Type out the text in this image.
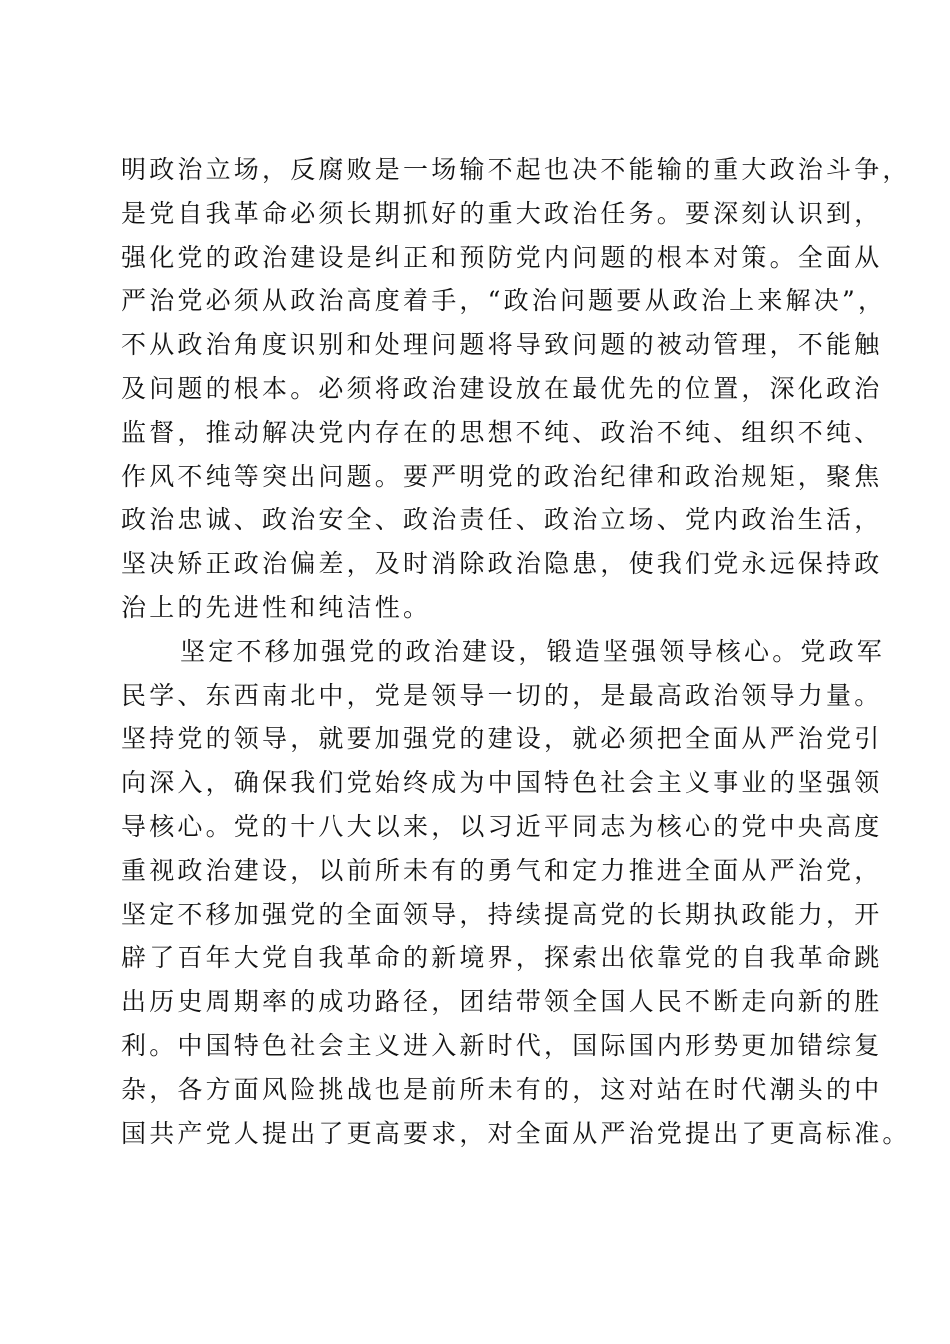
明政治立场，反腐败是一场输不起也决不能输的重大政治斗争，
是党自我革命必须长期抓好的重大政治任务。要深刻认识到，
强化党的政治建设是纠正和预防党内问题的根本对策。全面从
严治党必须从政治高度着手，“政治问题要从政治上来解决”，
不从政治角度识别和处理问题将导致问题的被动管理，不能触
及问题的根本。必须将政治建设放在最优先的位置，深化政治
监督，推动解决党内存在的思想不纯、政治不纯、组织不纯、
作风不纯等突出问题。要严明党的政治纪律和政治规矩，聚焦
政治忠诚、政治安全、政治责任、政治立场、党内政治生活，
坚决矫正政治偏差，及时消除政治隐患，使我们党永远保持政
治上的先进性和纯洁性。
坚定不移加强党的政治建设，锻造坚强领导核心。党政军
民学、东西南北中，党是领导一切的，是最高政治领导力量。
坚持党的领导，就要加强党的建设，就必须把全面从严治党引
向深入，确保我们党始终成为中国特色社会主义事业的坚强领
导核心。党的十八大以来，以习近平同志为核心的党中央高度
重视政治建设，以前所未有的勇气和定力推进全面从严治党，
坚定不移加强党的全面领导，持续提高党的长期执政能力，开
辟了百年大党自我革命的新境界，探索出依靠党的自我革命跳
出历史周期率的成功路径，团结带领全国人民不断走向新的胜
利。中国特色社会主义进入新时代，国际国内形势更加错综复
杂，各方面风险挑战也是前所未有的，这对站在时代潮头的中
国共产党人提出了更高要求，对全面从严治党提出了更高标准。
